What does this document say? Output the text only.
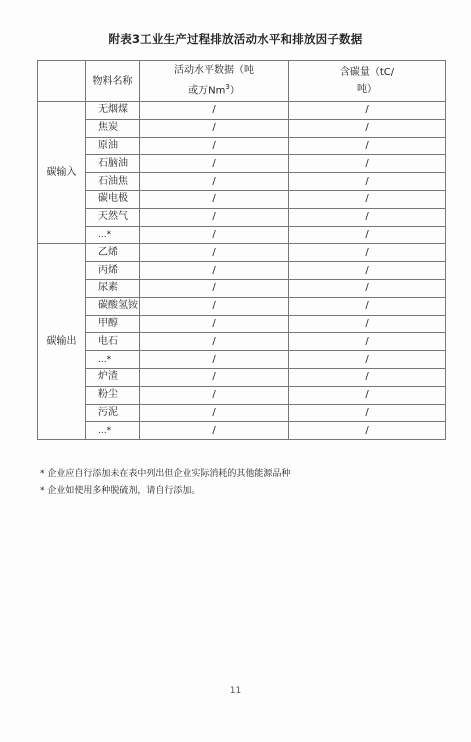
附表3工业生产过程排放活动水平和排放因子数据
	物料名称	活动水平数据（吨
或万Nm$^3$）	含碳量（tC/
吨）
碳输入	无烟煤	/	/
	焦炭	/	/
	原油	/	/
	石脑油	/	/
	石油焦	/	/
	碳电极	/	/
	天然气	/	/
	...*	/	/
碳输出	乙烯	/	/
	丙烯	/	/
	尿素	/	/
	碳酸氢铵	/	/
	甲醇	/	/
	电石	/	/
	...*	/	/
	炉渣	/	/
	粉尘	/	/
	污泥	/	/
	...*	/	/
* 企业应自行添加未在表中列出但企业实际消耗的其他能源品种
* 企业如使用多种脱硫剂，请自行添加。
11
